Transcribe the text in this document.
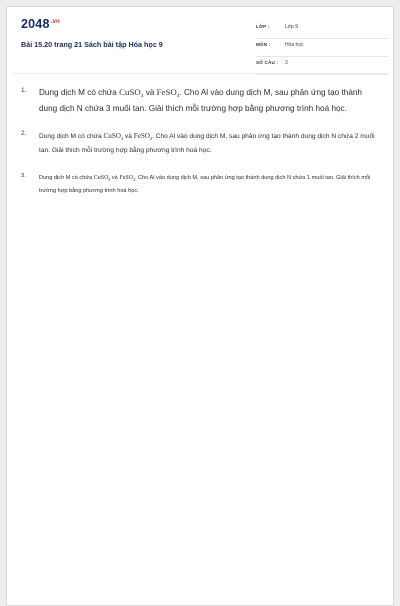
$2048^{.vn}$
Bài 15.20 trang 21 Sách bài tập Hóa học 9
LỚP :	Lớp 9
MÔN :	Hóa học
SỐ CÂU : 3
1. Dung dịch M có chứa CuSO$_4$ và FeSO$_4$. Cho Al vào dung dịch M, sau phản ứng tạo thành dung dịch N chứa 3 muối tan. Giải thích mỗi trường hợp bằng phương trình hoá học.
2. Dung dịch M có chứa CuSO$_4$ và FeSO$_4$. Cho Al vào dung dịch M, sau phản ứng tạo thành dung dịch N chứa 2 muối tan. Giải thích mỗi trường hợp bằng phương trình hoá học.
3. Dung dịch M có chứa CuSO$_4$ và FeSO$_4$. Cho Al vào dung dịch M, sau phản ứng tạo thành dung dịch N chứa 1 muối tan. Giải thích mỗi trường hợp bằng phương trình hoá học.
